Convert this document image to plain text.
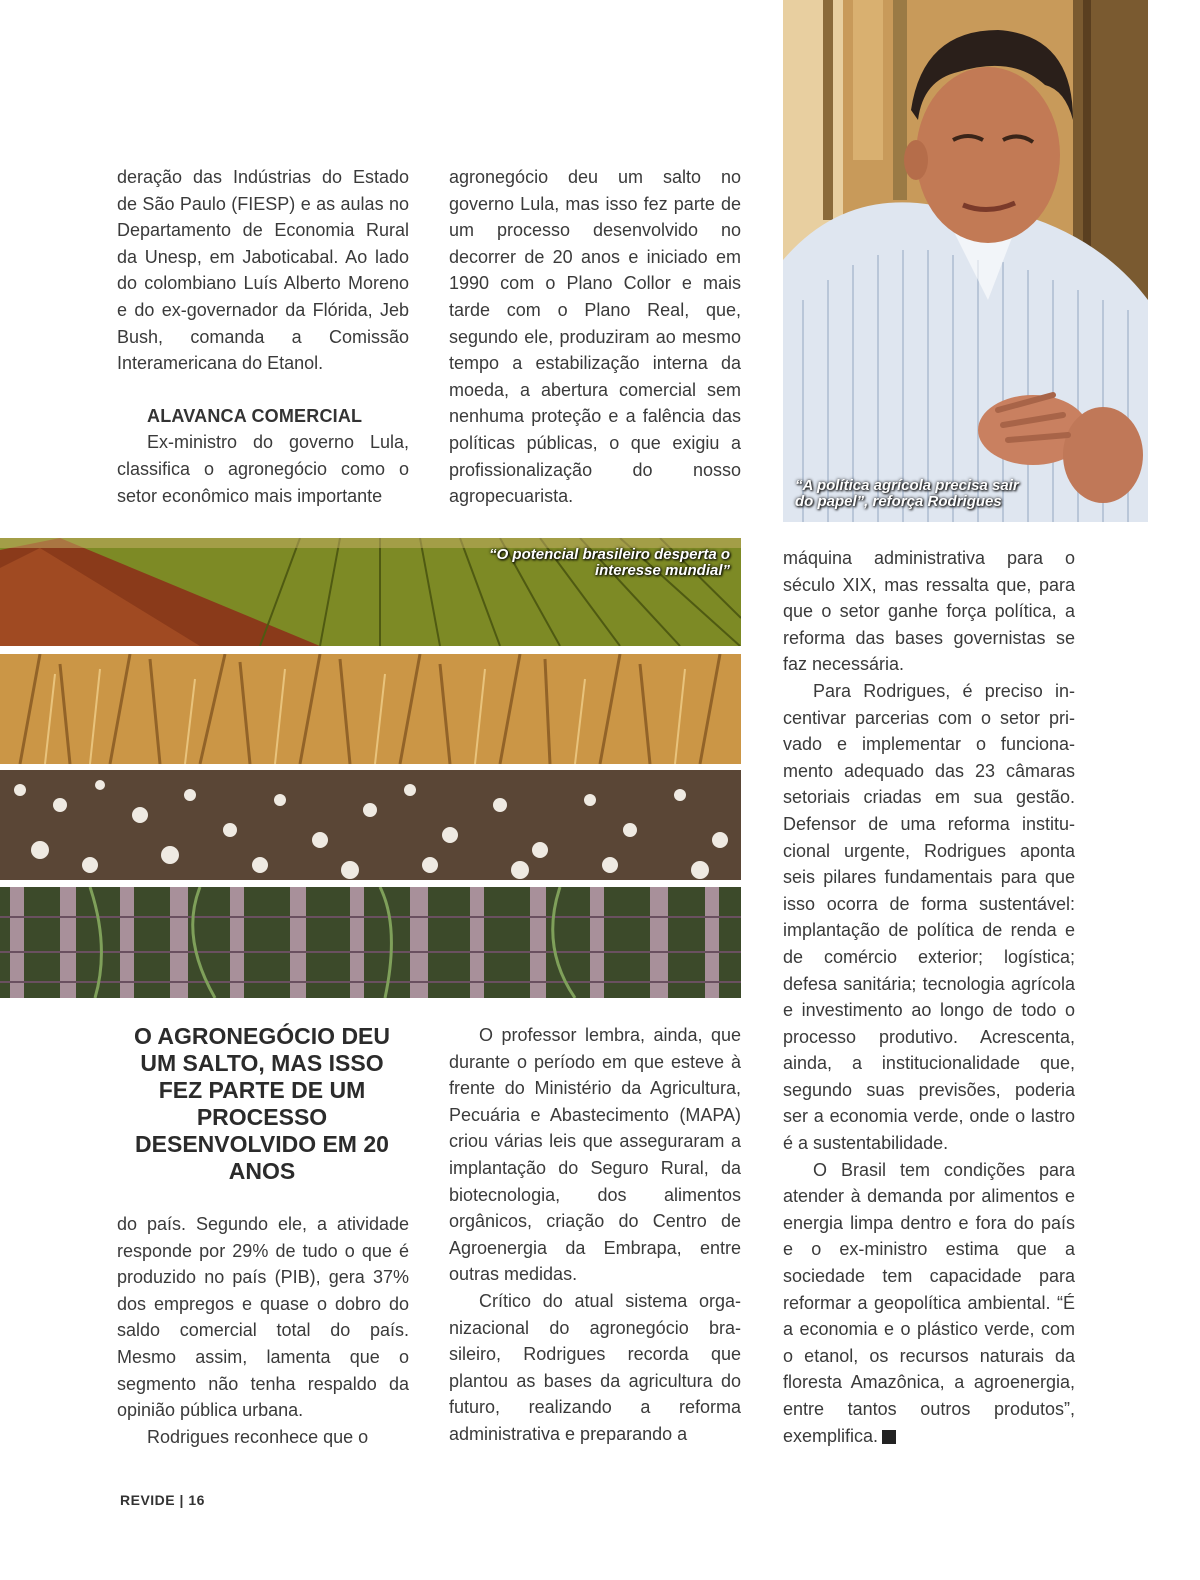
“A política agrícola precisa sair do papel”, reforça Rodrigues

deração das Indústrias do Estado de São Paulo (FIESP) e as aulas no Departamento de Economia Rural da Unesp, em Jaboticabal. Ao lado do colombiano Luís Alberto Moreno e do ex-governador da Flórida, Jeb Bush, comanda a Comissão Interamericana do Etanol.

ALAVANCA COMERCIAL

Ex-ministro do governo Lula, classifica o agronegócio como o setor econômico mais importante

agronegócio deu um salto no governo Lula, mas isso fez parte de um processo desenvolvido no decorrer de 20 anos e iniciado em 1990 com o Plano Collor e mais tarde com o Plano Real, que, segundo ele, produziram ao mesmo tempo a estabilização interna da moeda, a abertura comercial sem nenhuma proteção e a falência das políticas públicas, o que exigiu a profissionalização do nosso agropecuarista.

“O potencial brasileiro desperta o interesse mundial”
O AGRONEGÓCIO DEU UM SALTO, MAS ISSO FEZ PARTE DE UM PROCESSO DESENVOLVIDO EM 20 ANOS

do país. Segundo ele, a atividade responde por 29% de tudo o que é produzido no país (PIB), gera 37% dos empregos e quase o dobro do saldo comercial total do país. Mesmo assim, lamenta que o segmento não tenha respaldo da opinião pública urbana.

Rodrigues reconhece que o

O professor lembra, ainda, que durante o período em que esteve à frente do Ministério da Agricultura, Pecuária e Abastecimento (MAPA) criou várias leis que asseguraram a implantação do Seguro Rural, da biotecnologia, dos alimentos orgânicos, criação do Centro de Agroenergia da Embrapa, entre outras medidas.

Crítico do atual sistema organizacional do agronegócio brasileiro, Rodrigues recorda que plantou as bases da agricultura do futuro, realizando a reforma administrativa e preparando a

máquina administrativa para o século XIX, mas ressalta que, para que o setor ganhe força política, a reforma das bases governistas se faz necessária.

Para Rodrigues, é preciso incentivar parcerias com o setor privado e implementar o funcionamento adequado das 23 câmaras setoriais criadas em sua gestão. Defensor de uma reforma institucional urgente, Rodrigues aponta seis pilares fundamentais para que isso ocorra de forma sustentável: implantação de política de renda e de comércio exterior; logística; defesa sanitária; tecnologia agrícola e investimento ao longo de todo o processo produtivo. Acrescenta, ainda, a institucionalidade que, segundo suas previsões, poderia ser a economia verde, onde o lastro é a sustentabilidade.

O Brasil tem condições para atender à demanda por alimentos e energia limpa dentro e fora do país e o ex-ministro estima que a sociedade tem capacidade para reformar a geopolítica ambiental. “É a economia e o plástico verde, com o etanol, os recursos naturais da floresta Amazônica, a agroenergia, entre tantos outros produtos”, exemplifica.	r

REVIDE | 16
